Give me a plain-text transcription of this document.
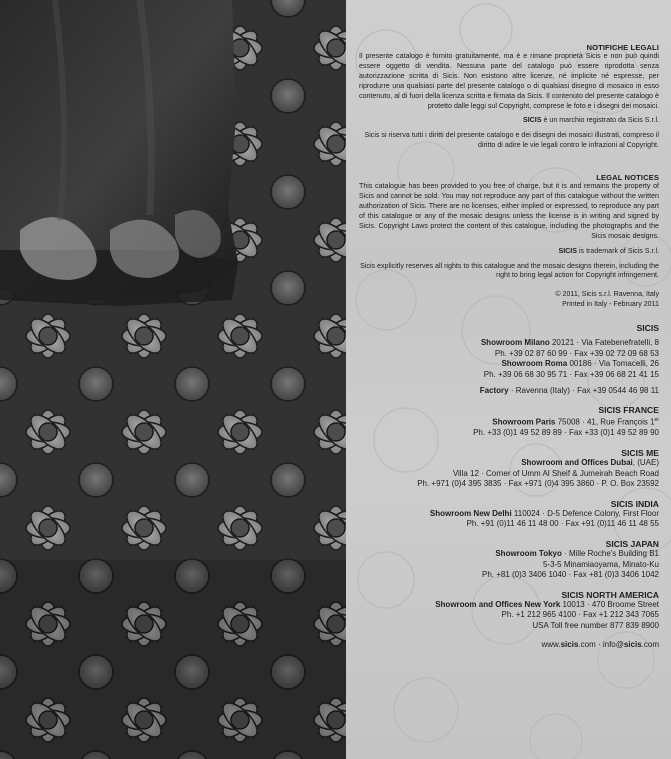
NOTIFICHE LEGALI

Il presente catalogo è fornito gratuitamente, ma è e rimane proprietà Sicis e non può quindi essere oggetto di vendita. Nessuna parte del catalogo può essere riprodotta senza autorizzazione scritta di Sicis. Non esistono altre licenze, né implicite né espresse, per riprodurre una qualsiasi parte del presente catalogo o di qualsiasi disegno di mosaico in esso contenuto, al di fuori della licenza scritta e firmata da Sicis. Il contenuto del presente catalogo è protetto dalle leggi sul Copyright, comprese le foto e i disegni dei mosaici.

SICIS è un marchio registrato da Sicis S.r.l.

Sicis si riserva tutti i diritti del presente catalogo e dei disegni dei mosaici illustrati, compreso il diritto di adire le vie legali contro le infrazioni al Copyright.

LEGAL NOTICES

This catalogue has been provided to you free of charge, but it is and remains the property of Sicis and cannot be sold. You may not reproduce any part of this catalogue without the written authorization of Sicis. There are no licenses, either implied or expressed, to reproduce any part of this catalogue or any of the mosaic designs unless the license is in writing and signed by Sicis. Copyright Laws protect the content of this catalogue, including the photographs and the Sicis mosaic designs.

SICIS is trademark of Sicis S.r.l.

Sicis explicitly reserves all rights to this catalogue and the mosaic designs therein, including the right to bring legal action for Copyright infringement.

© 2011, Sicis s.r.l. Ravenna, Italy

Printed in Italy - February 2011

SICIS

Showroom Milano 20121 · Via Fatebenefratelli, 8

Ph. +39 02 87 60 99 · Fax +39 02 72 09 68 53

Showroom Roma 00186 · Via Tomacelli, 26

Ph. +39 06 68 30 95 71 · Fax +39 06 68 21 41 15

Factory · Ravenna (Italy) · Fax +39 0544 46 98 11

SICIS FRANCE

Showroom Paris 75008 · 41, Rue François 1er

Ph. +33 (0)1 49 52 89 89 · Fax +33 (0)1 49 52 89 90

SICIS ME

Showroom and Offices Dubai, (UAE)

Villa 12 · Corner of Umm Al Sheif & Jumeirah Beach Road

Ph. +971 (0)4 395 3835 · Fax +971 (0)4 395 3860 · P. O. Box 23592

SICIS INDIA

Showroom New Delhi 110024 · D-5 Defence Colony, First Floor

Ph. +91 (0)11 46 11 48 00 · Fax +91 (0)11 46 11 48 55

SICIS JAPAN

Showroom Tokyo · Mille Roche's Building B1

5-3-5 Minamiaoyama, Minato-Ku

Ph. +81 (0)3 3406 1040 · Fax +81 (0)3 3406 1042

SICIS NORTH AMERICA

Showroom and Offices New York 10013 · 470 Broome Street

Ph. +1 212 965 4100 · Fax +1 212 343 7065

USA Toll free number 877 839 8900

www.sicis.com · info@sicis.com
